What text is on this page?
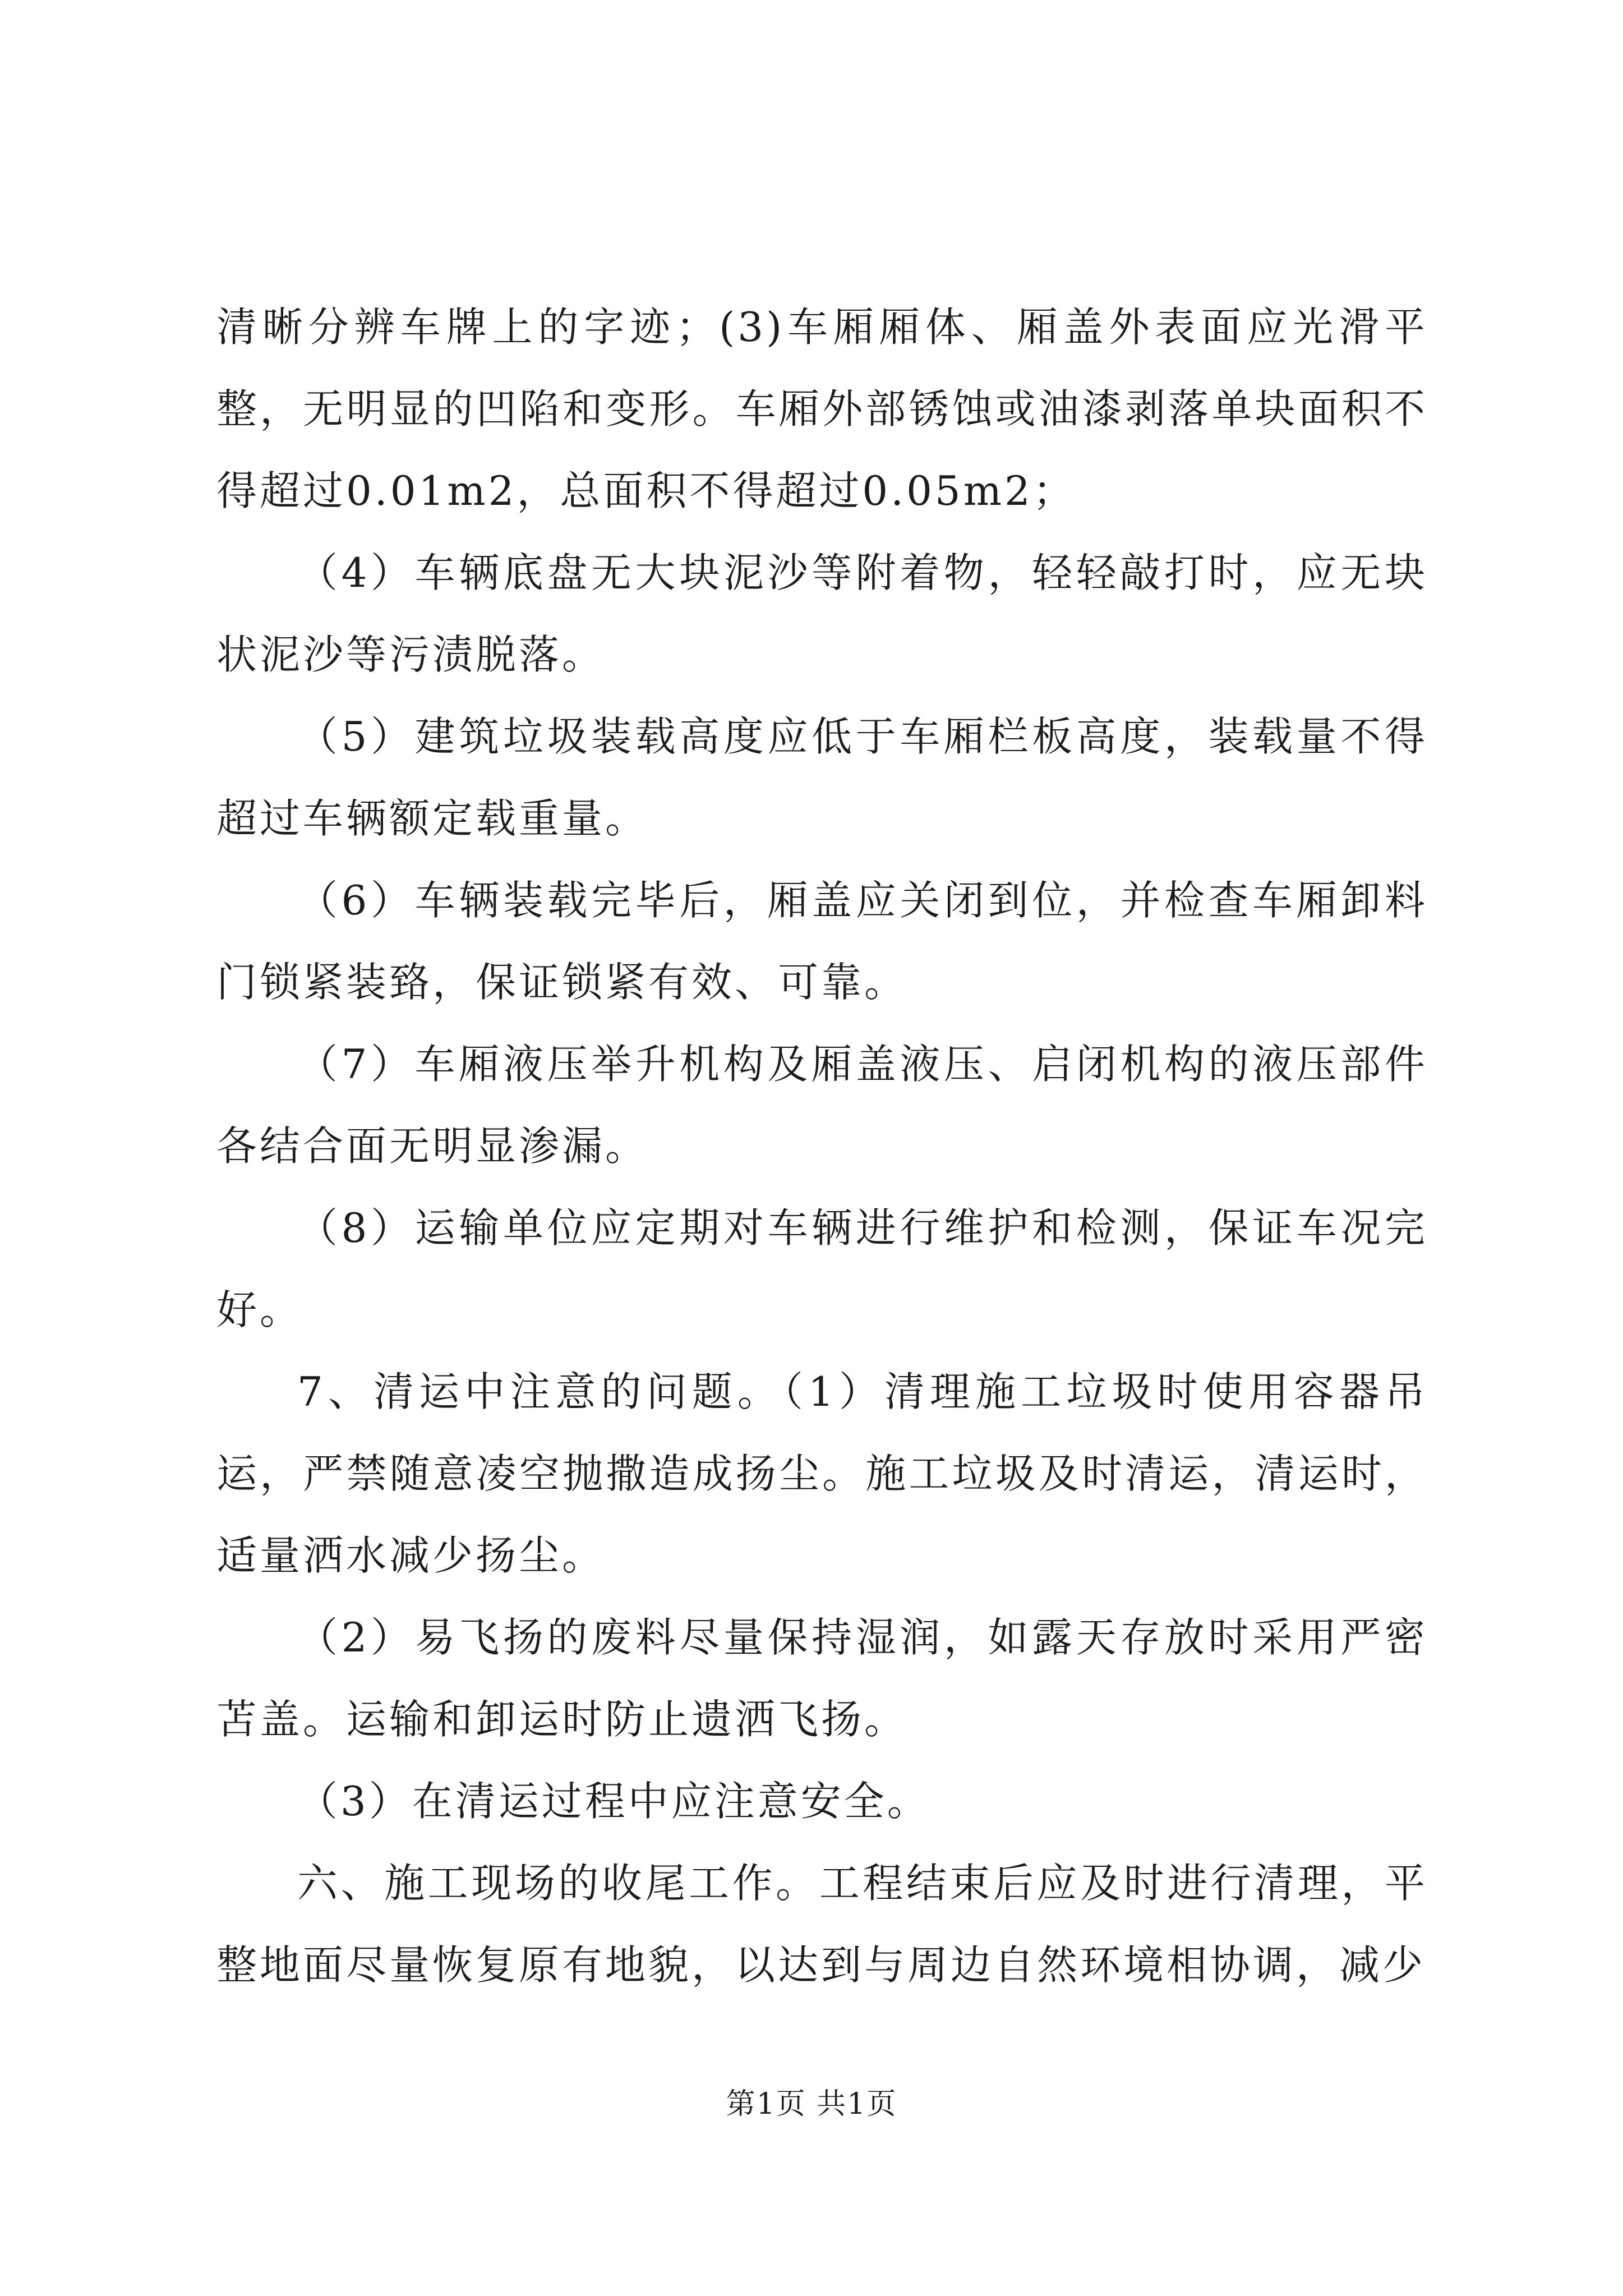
清晰分辨车牌上的字迹；(3)车厢厢体、厢盖外表面应光滑平整，无明显的凹陷和变形。车厢外部锈蚀或油漆剥落单块面积不得超过0.01m2，总面积不得超过0.05m2；

（4）车辆底盘无大块泥沙等附着物，轻轻敲打时，应无块状泥沙等污渍脱落。

（5）建筑垃圾装载高度应低于车厢栏板高度，装载量不得超过车辆额定载重量。

（6）车辆装载完毕后，厢盖应关闭到位，并检查车厢卸料门锁紧装臵，保证锁紧有效、可靠。

（7）车厢液压举升机构及厢盖液压、启闭机构的液压部件各结合面无明显渗漏。

（8）运输单位应定期对车辆进行维护和检测，保证车况完好。

7、清运中注意的问题。（1）清理施工垃圾时使用容器吊运，严禁随意凌空抛撒造成扬尘。施工垃圾及时清运，清运时，适量洒水减少扬尘。

（2）易飞扬的废料尽量保持湿润，如露天存放时采用严密苫盖。运输和卸运时防止遗洒飞扬。

（3）在清运过程中应注意安全。

六、施工现场的收尾工作。工程结束后应及时进行清理，平整地面尽量恢复原有地貌，以达到与周边自然环境相协调，减少

第1页 共1页
